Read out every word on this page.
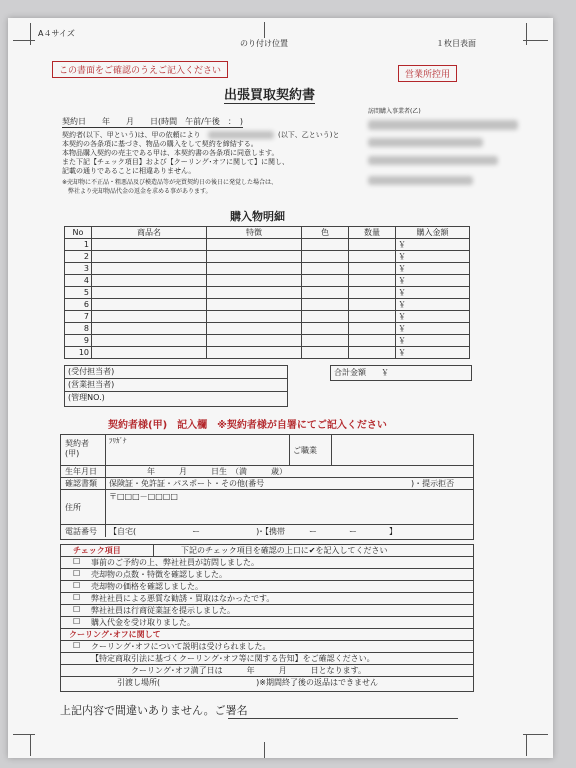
A４サイズ
のり付け位置	１枚目表面
この書面をご確認のうえご記入ください	営業所控用
出張買取契約書
訪問購入事業者(乙)
契約日　　年　　月　　日(時間　午前/午後　：　)
契約者(以下、甲という)は、甲の依頼により	(以下、乙という)と
本契約の各条項に基づき、物品の購入をして契約を締結する。
本物品購入契約の売主である甲は、本契約書の各条項に同意します。
また下記【チェック項目】および【クーリング･オフに関して】に関し、
記載の通りであることに相違ありません。
※売却物に不正品・粗悪品及び模造品等が売買契約日の後日に発覚した場合は、
　弊社より売却物品代金の返金を求める事があります。
購入物明細
No	商品名	特徴	色	数量	購入金額
1					￥
2					￥
3					￥
4					￥
5					￥
6					￥
7					￥
8					￥
9					￥
10					￥
(受付担当者)
(営業担当者)
(管理NO.)
合計金額 ￥
契約者様(甲)　記入欄　※契約者様が自署にてご記入ください
契約者(甲)
ﾌﾘｶﾞﾅ
ご職業
生年月日	年　　　月　　　日生　（満　　　歳）
確認書類 保険証・免許証・パスポート・その他(番号	)・提示拒否
住所
〒□□□－□□□□
電話番号 【自宅(　　　　　　　ー　　　　　　　)
・【携帯　　　ー　　　　ー　　　　】
チェック項目	下記のチェック項目を確認の上口に✔を記入してください
☐ 事前のご予約の上、弊社社員が訪問しました。
☐ 売却物の点数・特徴を確認しました。
☐ 売却物の価格を確認しました。
☐ 弊社社員による悪質な勧誘・買取はなかったです。
☐ 弊社社員は行商従業証を提示しました。
☐ 購入代金を受け取りました。
クーリング･オフに関して
☐ クーリング･オフについて説明は受けられました。
【特定商取引法に基づくクーリング･オフ等に関する告知】をご確認ください。
クーリング･オフ満了日は　　　年　　　月　　　日となります。
引渡し場所(　　　　　　　　　　　　)※期間終了後の返品はできません
上記内容で間違いありません。ご署名
